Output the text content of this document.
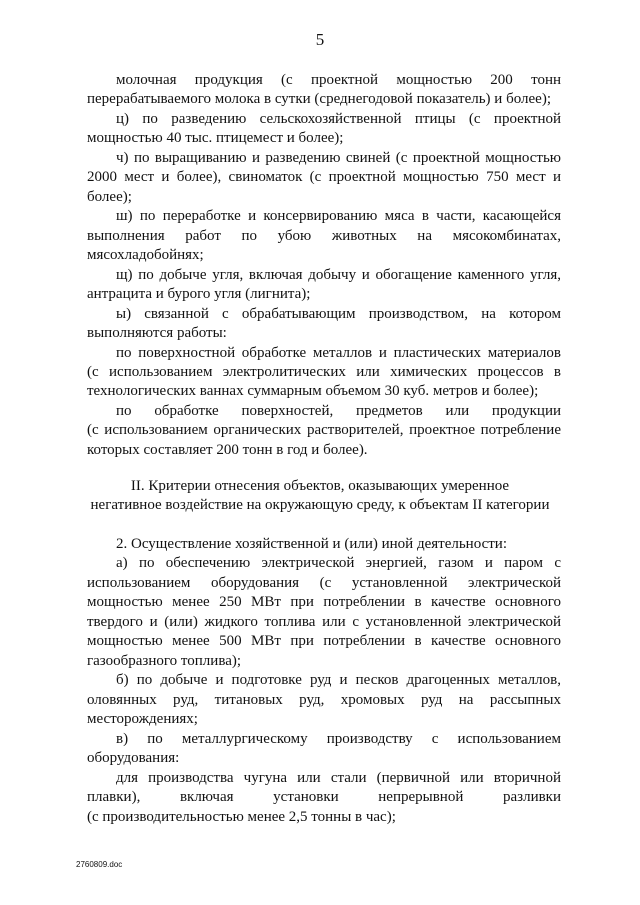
5
молочная продукция (с проектной мощностью 200 тонн
перерабатываемого молока в сутки (среднегодовой показатель) и более);
ц) по разведению сельскохозяйственной птицы (с проектной
мощностью 40 тыс. птицемест и более);
ч) по выращиванию и разведению свиней (с проектной мощностью
2000 мест и более), свиноматок (с проектной мощностью 750 мест и
более);
ш) по переработке и консервированию мяса в части, касающейся
выполнения работ по убою животных на мясокомбинатах,
мясохладобойнях;
щ) по добыче угля, включая добычу и обогащение каменного угля,
антрацита и бурого угля (лигнита);
ы) связанной с обрабатывающим производством, на котором
выполняются работы:
по поверхностной обработке металлов и пластических материалов
(с использованием электролитических или химических процессов в
технологических ваннах суммарным объемом 30 куб. метров и более);
по обработке поверхностей, предметов или продукции
(с использованием органических растворителей, проектное потребление
которых составляет 200 тонн в год и более).
II. Критерии отнесения объектов, оказывающих умеренное
негативное воздействие на окружающую среду, к объектам II категории
2. Осуществление хозяйственной и (или) иной деятельности:
а) по обеспечению электрической энергией, газом и паром с
использованием оборудования (с установленной электрической
мощностью менее 250 МВт при потреблении в качестве основного
твердого и (или) жидкого топлива или с установленной электрической
мощностью менее 500 МВт при потреблении в качестве основного
газообразного топлива);
б) по добыче и подготовке руд и песков драгоценных металлов,
оловянных руд, титановых руд, хромовых руд на рассыпных
месторождениях;
в) по металлургическому производству с использованием
оборудования:
для производства чугуна или стали (первичной или вторичной
плавки), включая установки непрерывной разливки
(с производительностью менее 2,5 тонны в час);
2760809.doc
